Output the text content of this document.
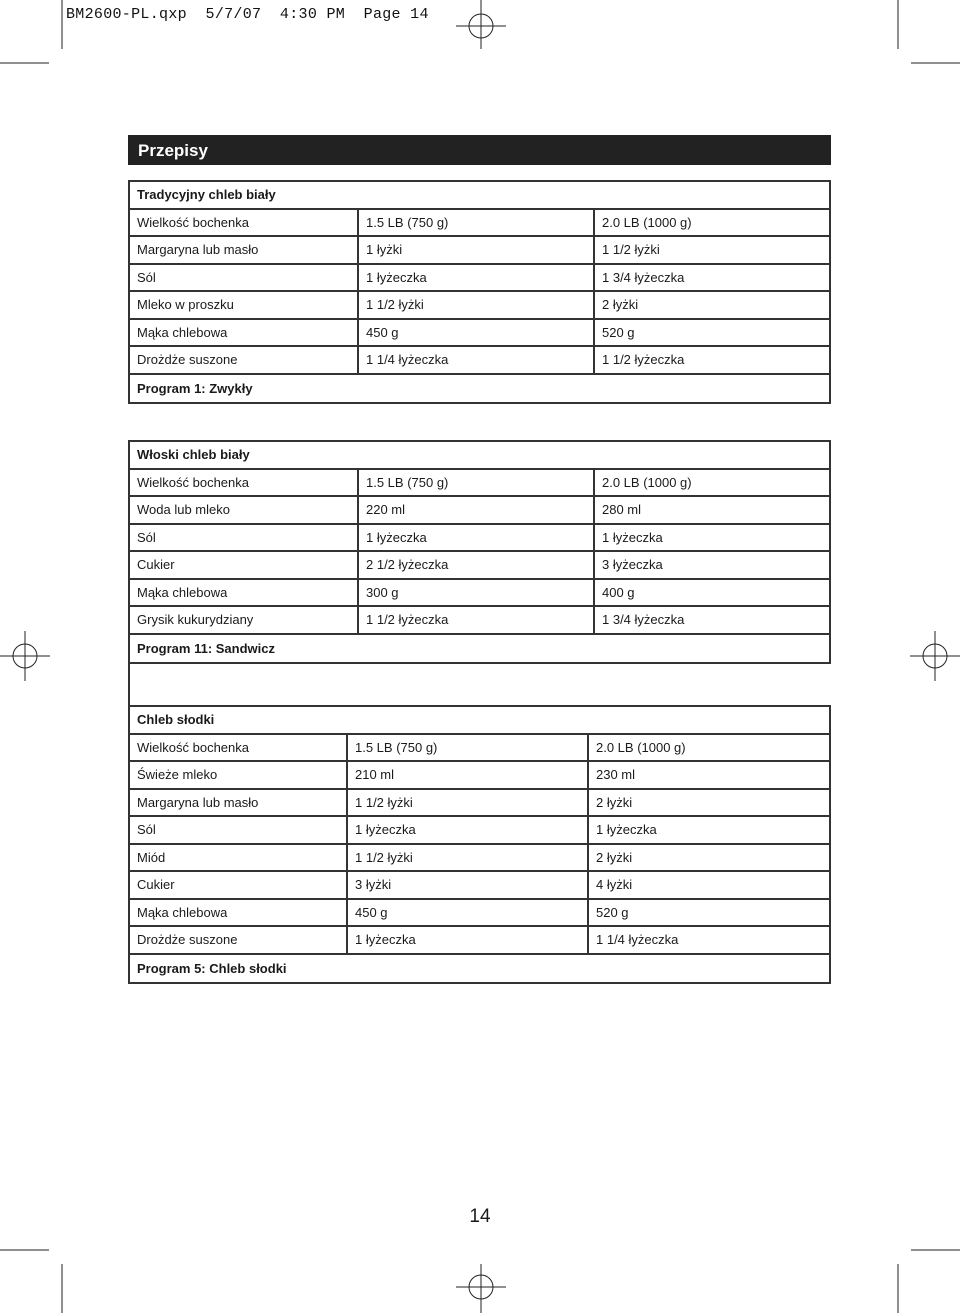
BM2600-PL.qxp  5/7/07  4:30 PM  Page 14
Przepisy
Tradycyjny chleb biały
Wielkość bochenka	1.5 LB (750 g)	2.0 LB (1000 g)
Margaryna lub masło	1 łyżki	1 1/2 łyżki
Sól	1 łyżeczka	1 3/4 łyżeczka
Mleko w proszku	1 1/2 łyżki	2 łyżki
Mąka chlebowa	450 g	520 g
Drożdże suszone	1 1/4 łyżeczka	1 1/2 łyżeczka
Program 1: Zwykły
Włoski chleb biały
Wielkość bochenka	1.5 LB (750 g)	2.0 LB (1000 g)
Woda lub mleko	220 ml	280 ml
Sól	1 łyżeczka	1 łyżeczka
Cukier	2 1/2 łyżeczka	3 łyżeczka
Mąka chlebowa	300 g	400 g
Grysik kukurydziany	1 1/2 łyżeczka	1 3/4 łyżeczka
Program 11: Sandwicz
Chleb słodki
Wielkość bochenka	1.5 LB (750 g)	2.0 LB (1000 g)
Świeże mleko	210 ml	230 ml
Margaryna lub masło	1 1/2 łyżki	2 łyżki
Sól	1 łyżeczka	1 łyżeczka
Miód	1 1/2 łyżki	2 łyżki
Cukier	3 łyżki	4 łyżki
Mąka chlebowa	450 g	520 g
Drożdże suszone	1 łyżeczka	1 1/4 łyżeczka
Program 5: Chleb słodki
14
